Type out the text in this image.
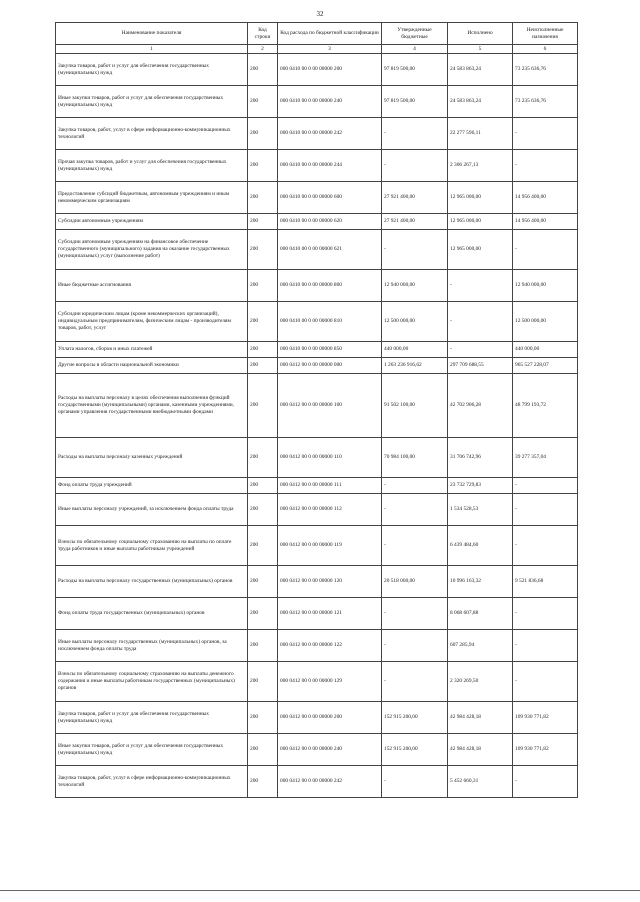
32
Наименование показателя	Код строки	Код расхода по бюджетной классификации	Утвержденные бюджетные	Исполнено	Неисполненные назначения
1	2	3	4	5	6
Закупка товаров, работ и услуг для обеспечения государственных (муниципальных) нужд	200	000 0410 00 0 00 00000 200	97 819 500,00	24 583 863,24	73 235 636,76
Иные закупки товаров, работ и услуг для обеспечения государственных (муниципальных) нужд	200	000 0410 00 0 00 00000 240	97 819 500,00	24 583 863,24	73 235 636,76
Закупка товаров, работ, услуг в сфере информационно-коммуникационных технологий	200	000 0410 00 0 00 00000 242	-	22 277 596,11	-
Прочая закупка товаров, работ и услуг для обеспечения государственных (муниципальных) нужд	200	000 0410 00 0 00 00000 244	-	2 306 267,13	-
Предоставление субсидий бюджетным, автономным учреждениям и иным некоммерческим организациям	200	000 0410 00 0 00 00000 600	27 921 400,00	12 965 000,00	14 956 400,00
Субсидии автономным учреждениям	200	000 0410 00 0 00 00000 620	27 921 400,00	12 965 000,00	14 956 400,00
Субсидии автономным учреждениям на финансовое обеспечение государственного (муниципального) задания на оказание государственных (муниципальных) услуг (выполнение работ)	200	000 0410 00 0 00 00000 621	-	12 965 000,00	-
Иные бюджетные ассигнования	200	000 0410 00 0 00 00000 800	12 940 000,00	-	12 940 000,00
Субсидии юридическим лицам (кроме некоммерческих организаций), индивидуальным предпринимателям, физическим лицам - производителям товаров, работ, услуг	200	000 0410 00 0 00 00000 810	12 500 000,00	-	12 500 000,00
Уплата налогов, сборов и иных платежей	200	000 0410 00 0 00 00000 850	440 000,00	-	440 000,00
Другие вопросы в области национальной экономики	200	000 0412 00 0 00 00000 000	1 263 236 916,62	297 709 688,55	965 527 228,07
Расходы на выплаты персоналу в целях обеспечения выполнения функций государственными (муниципальными) органами, казенными учреждениями, органами управления государственными внебюджетными фондами	200	000 0412 00 0 00 00000 100	91 502 100,00	42 702 906,28	48 799 193,72
Расходы на выплаты персоналу казенных учреждений	200	000 0412 00 0 00 00000 110	70 984 100,00	31 706 742,96	39 277 357,04
Фонд оплаты труда учреждений	200	000 0412 00 0 00 00000 111	-	23 732 729,83	-
Иные выплаты персоналу учреждений, за исключением фонда оплаты труда	200	000 0412 00 0 00 00000 112	-	1 534 528,53	-
Взносы по обязательному социальному страхованию на выплаты по оплате труда работников и иные выплаты работникам учреждений	200	000 0412 00 0 00 00000 119	-	6 439 484,60	-
Расходы на выплаты персоналу государственных (муниципальных) органов	200	000 0412 00 0 00 00000 120	20 518 000,00	10 996 163,32	9 521 836,68
Фонд оплаты труда государственных (муниципальных) органов	200	000 0412 00 0 00 00000 121	-	8 068 607,88	-
Иные выплаты персоналу государственных (муниципальных) органов, за исключением фонда оплаты труда	200	000 0412 00 0 00 00000 122	-	607 285,94	-
Взносы по обязательному социальному страхованию на выплаты денежного содержания и иные выплаты работникам государственных (муниципальных) органов	200	000 0412 00 0 00 00000 129	-	2 320 269,50	-
Закупка товаров, работ и услуг для обеспечения государственных (муниципальных) нужд	200	000 0412 00 0 00 00000 200	152 915 200,00	42 984 428,18	109 930 771,82
Иные закупки товаров, работ и услуг для обеспечения государственных (муниципальных) нужд	200	000 0412 00 0 00 00000 240	152 915 200,00	42 984 428,18	109 930 771,82
Закупка товаров, работ, услуг в сфере информационно-коммуникационных технологий	200	000 0412 00 0 00 00000 242	-	5 452 660,31	-
